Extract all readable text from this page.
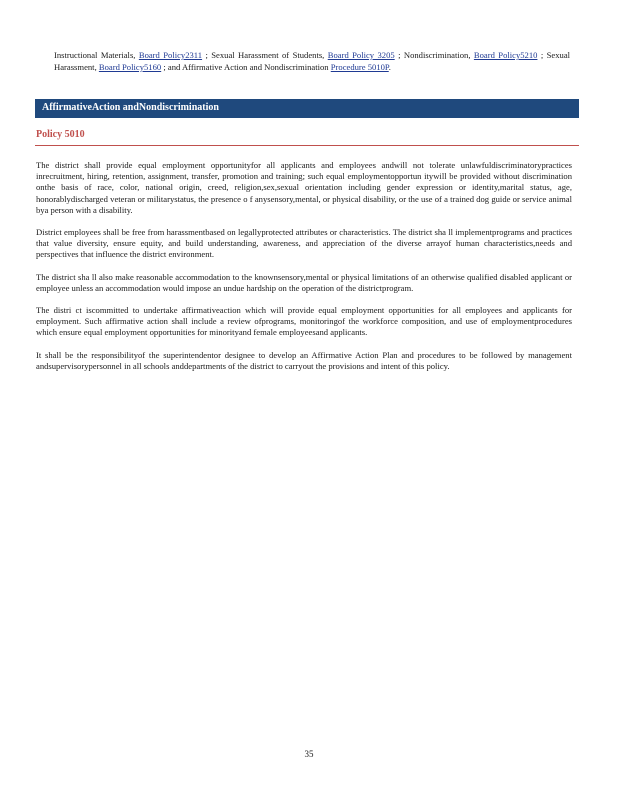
Instructional Materials, Board Policy2311 ; Sexual Harassment of Students, Board Policy 3205 ; Nondiscrimination, Board Policy5210 ; Sexual Harassment, Board Policy5160 ; and Affirmative Action and Nondiscrimination Procedure 5010P.
AffirmativeAction andNondiscrimination
Policy 5010

The district shall provide equal employment opportunityfor all applicants and employees andwill not tolerate unlawfuldiscriminatorypractices inrecruitment, hiring, retention, assignment, transfer, promotion and training; such equal employmentopportun itywill be provided without discrimination onthe basis of race, color, national origin, creed, religion,sex,sexual orientation including gender expression or identity,marital status, age, honorablydischarged veteran or militarystatus, the presence o f anysensory,mental, or physical disability, or the use of a trained dog guide or service animal bya person with a disability.

District employees shall be free from harassmentbased on legallyprotected attributes or characteristics. The district sha ll implementprograms and practices that value diversity, ensure equity, and build understanding, awareness, and appreciation of the diverse arrayof human characteristics,needs and perspectives that influence the district environment.

The district sha ll also make reasonable accommodation to the knownsensory,mental or physical limitations of an otherwise qualified disabled applicant or employee unless an accommodation would impose an undue hardship on the operation of the districtprogram.

The distri ct iscommitted to undertake affirmativeaction which will provide equal employment opportunities for all employees and applicants for employment. Such affirmative action shall include a review ofprograms, monitoringof the workforce composition, and use of employmentprocedures which ensure equal employment opportunities for minorityand female employeesand applicants.

It shall be the responsibilityof the superintendentor designee to develop an Affirmative Action Plan and procedures to be followed by management andsupervisorypersonnel in all schools anddepartments of the district to carryout the provisions and intent of this policy.

35
